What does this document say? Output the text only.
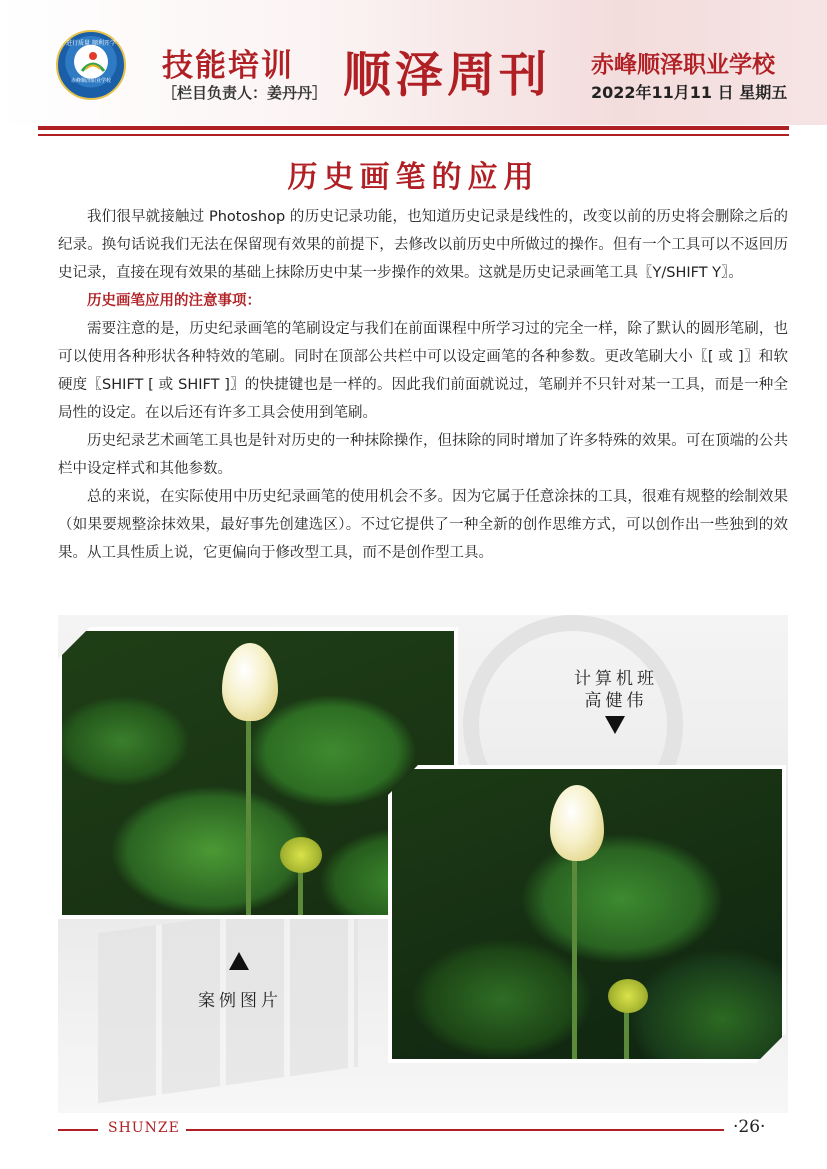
进行质量 顺利开学
赤峰顺泽职业学校	技能培训
［栏目负责人：姜丹丹］ 顺泽周刊 赤峰顺泽职业学校
2022年11月11 日 星期五
历史画笔的应用

我们很早就接触过 Photoshop 的历史记录功能，也知道历史记录是线性的，改变以前的历史将会删除之后的纪录。换句话说我们无法在保留现有效果的前提下，去修改以前历史中所做过的操作。但有一个工具可以不返回历史记录，直接在现有效果的基础上抹除历史中某一步操作的效果。这就是历史记录画笔工具〖Y/SHIFT Y〗。

历史画笔应用的注意事项：

需要注意的是，历史纪录画笔的笔刷设定与我们在前面课程中所学习过的完全一样，除了默认的圆形笔刷，也可以使用各种形状各种特效的笔刷。同时在顶部公共栏中可以设定画笔的各种参数。更改笔刷大小〖[ 或 ]〗和软硬度〖SHIFT [ 或 SHIFT ]〗的快捷键也是一样的。因此我们前面就说过，笔刷并不只针对某一工具，而是一种全局性的设定。在以后还有许多工具会使用到笔刷。

历史纪录艺术画笔工具也是针对历史的一种抹除操作，但抹除的同时增加了许多特殊的效果。可在顶端的公共栏中设定样式和其他参数。

总的来说，在实际使用中历史纪录画笔的使用机会不多。因为它属于任意涂抹的工具，很难有规整的绘制效果（如果要规整涂抹效果，最好事先创建选区）。不过它提供了一种全新的创作思维方式，可以创作出一些独到的效果。从工具性质上说，它更偏向于修改型工具，而不是创作型工具。

计算机班
高健伟
案例图片
SHUNZE	·26·
